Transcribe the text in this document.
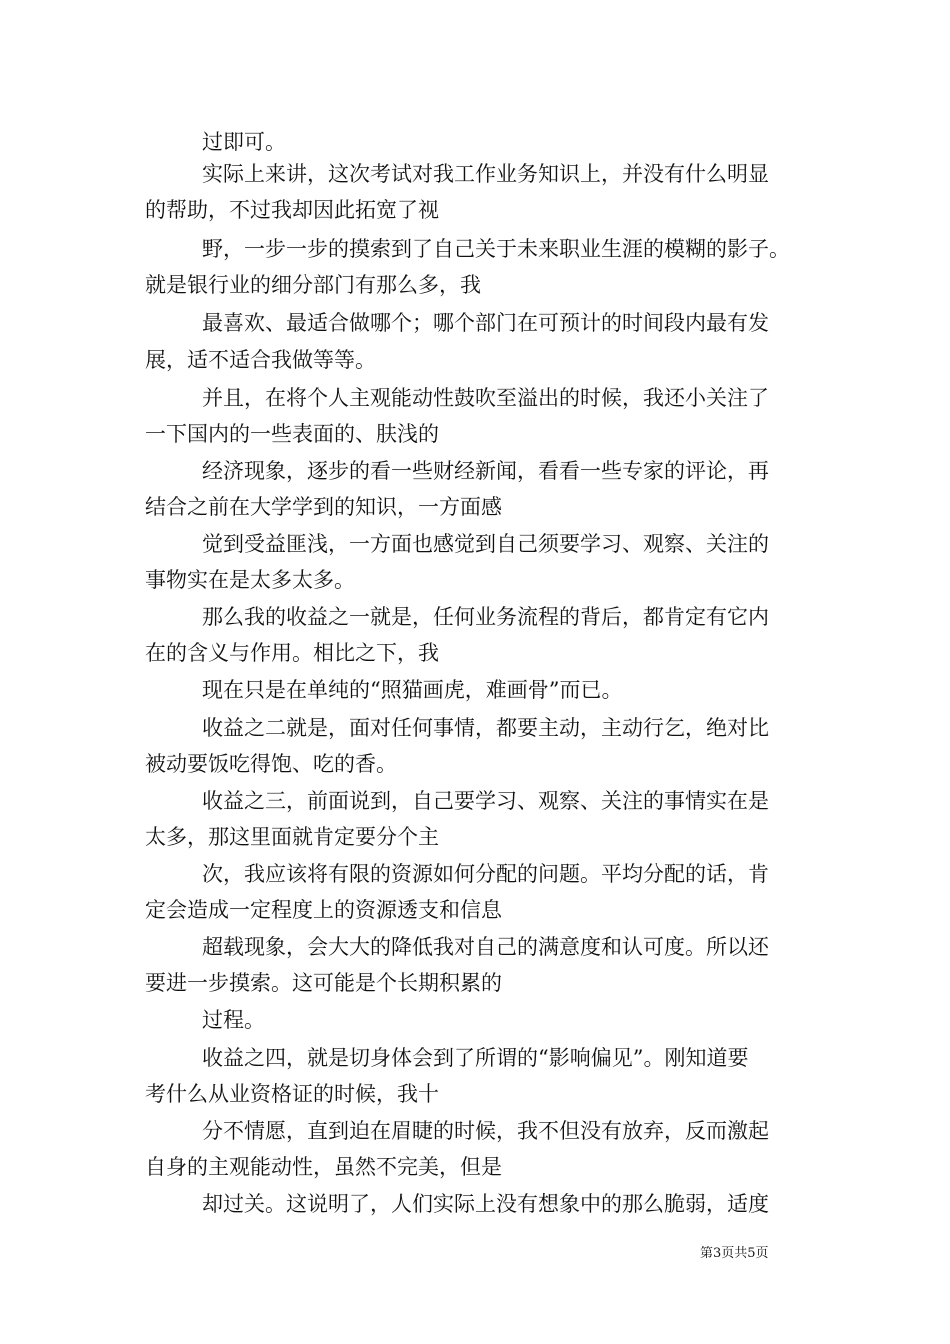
过即可。
实际上来讲，这次考试对我工作业务知识上，并没有什么明显
的帮助，不过我却因此拓宽了视
野，一步一步的摸索到了自己关于未来职业生涯的模糊的影子。
就是银行业的细分部门有那么多，我
最喜欢、最适合做哪个；哪个部门在可预计的时间段内最有发
展，适不适合我做等等。
并且，在将个人主观能动性鼓吹至溢出的时候，我还小关注了
一下国内的一些表面的、肤浅的
经济现象，逐步的看一些财经新闻，看看一些专家的评论，再
结合之前在大学学到的知识，一方面感
觉到受益匪浅，一方面也感觉到自己须要学习、观察、关注的
事物实在是太多太多。
那么我的收益之一就是，任何业务流程的背后，都肯定有它内
在的含义与作用。相比之下，我
现在只是在单纯的“照猫画虎，难画骨”而已。
收益之二就是，面对任何事情，都要主动，主动行乞，绝对比
被动要饭吃得饱、吃的香。
收益之三，前面说到，自己要学习、观察、关注的事情实在是
太多，那这里面就肯定要分个主
次，我应该将有限的资源如何分配的问题。平均分配的话，肯
定会造成一定程度上的资源透支和信息
超载现象，会大大的降低我对自己的满意度和认可度。所以还
要进一步摸索。这可能是个长期积累的
过程。
收益之四，就是切身体会到了所谓的“影响偏见”。刚知道要
考什么从业资格证的时候，我十
分不情愿，直到迫在眉睫的时候，我不但没有放弃，反而激起
自身的主观能动性，虽然不完美，但是
却过关。这说明了，人们实际上没有想象中的那么脆弱，适度
第3页共5页
